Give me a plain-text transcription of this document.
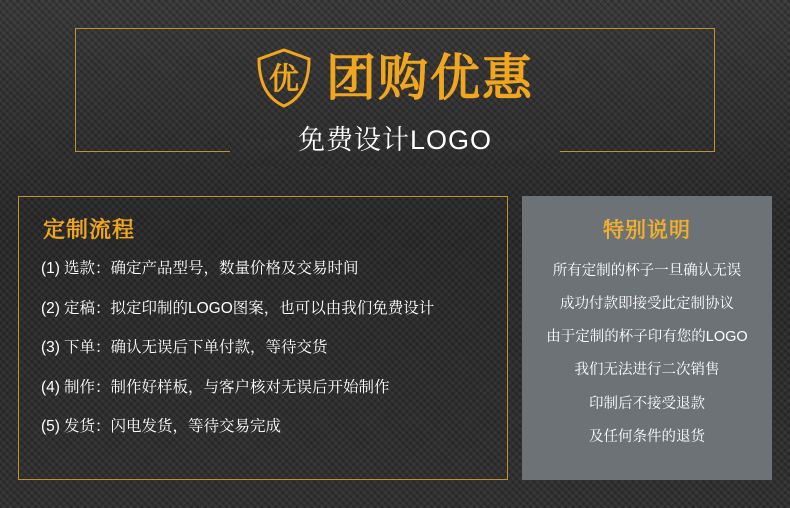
优 团购优惠
免费设计LOGO
定制流程
(1) 选款： 确定产品型号，数量价格及交易时间
(2) 定稿： 拟定印制的LOGO图案，也可以由我们免费设计
(3) 下单： 确认无误后下单付款，等待交货
(4) 制作： 制作好样板，与客户核对无误后开始制作
(5) 发货： 闪电发货，等待交易完成
特别说明
所有定制的杯子一旦确认无误
成功付款即接受此定制协议
由于定制的杯子印有您的LOGO
我们无法进行二次销售
印制后不接受退款
及任何条件的退货
